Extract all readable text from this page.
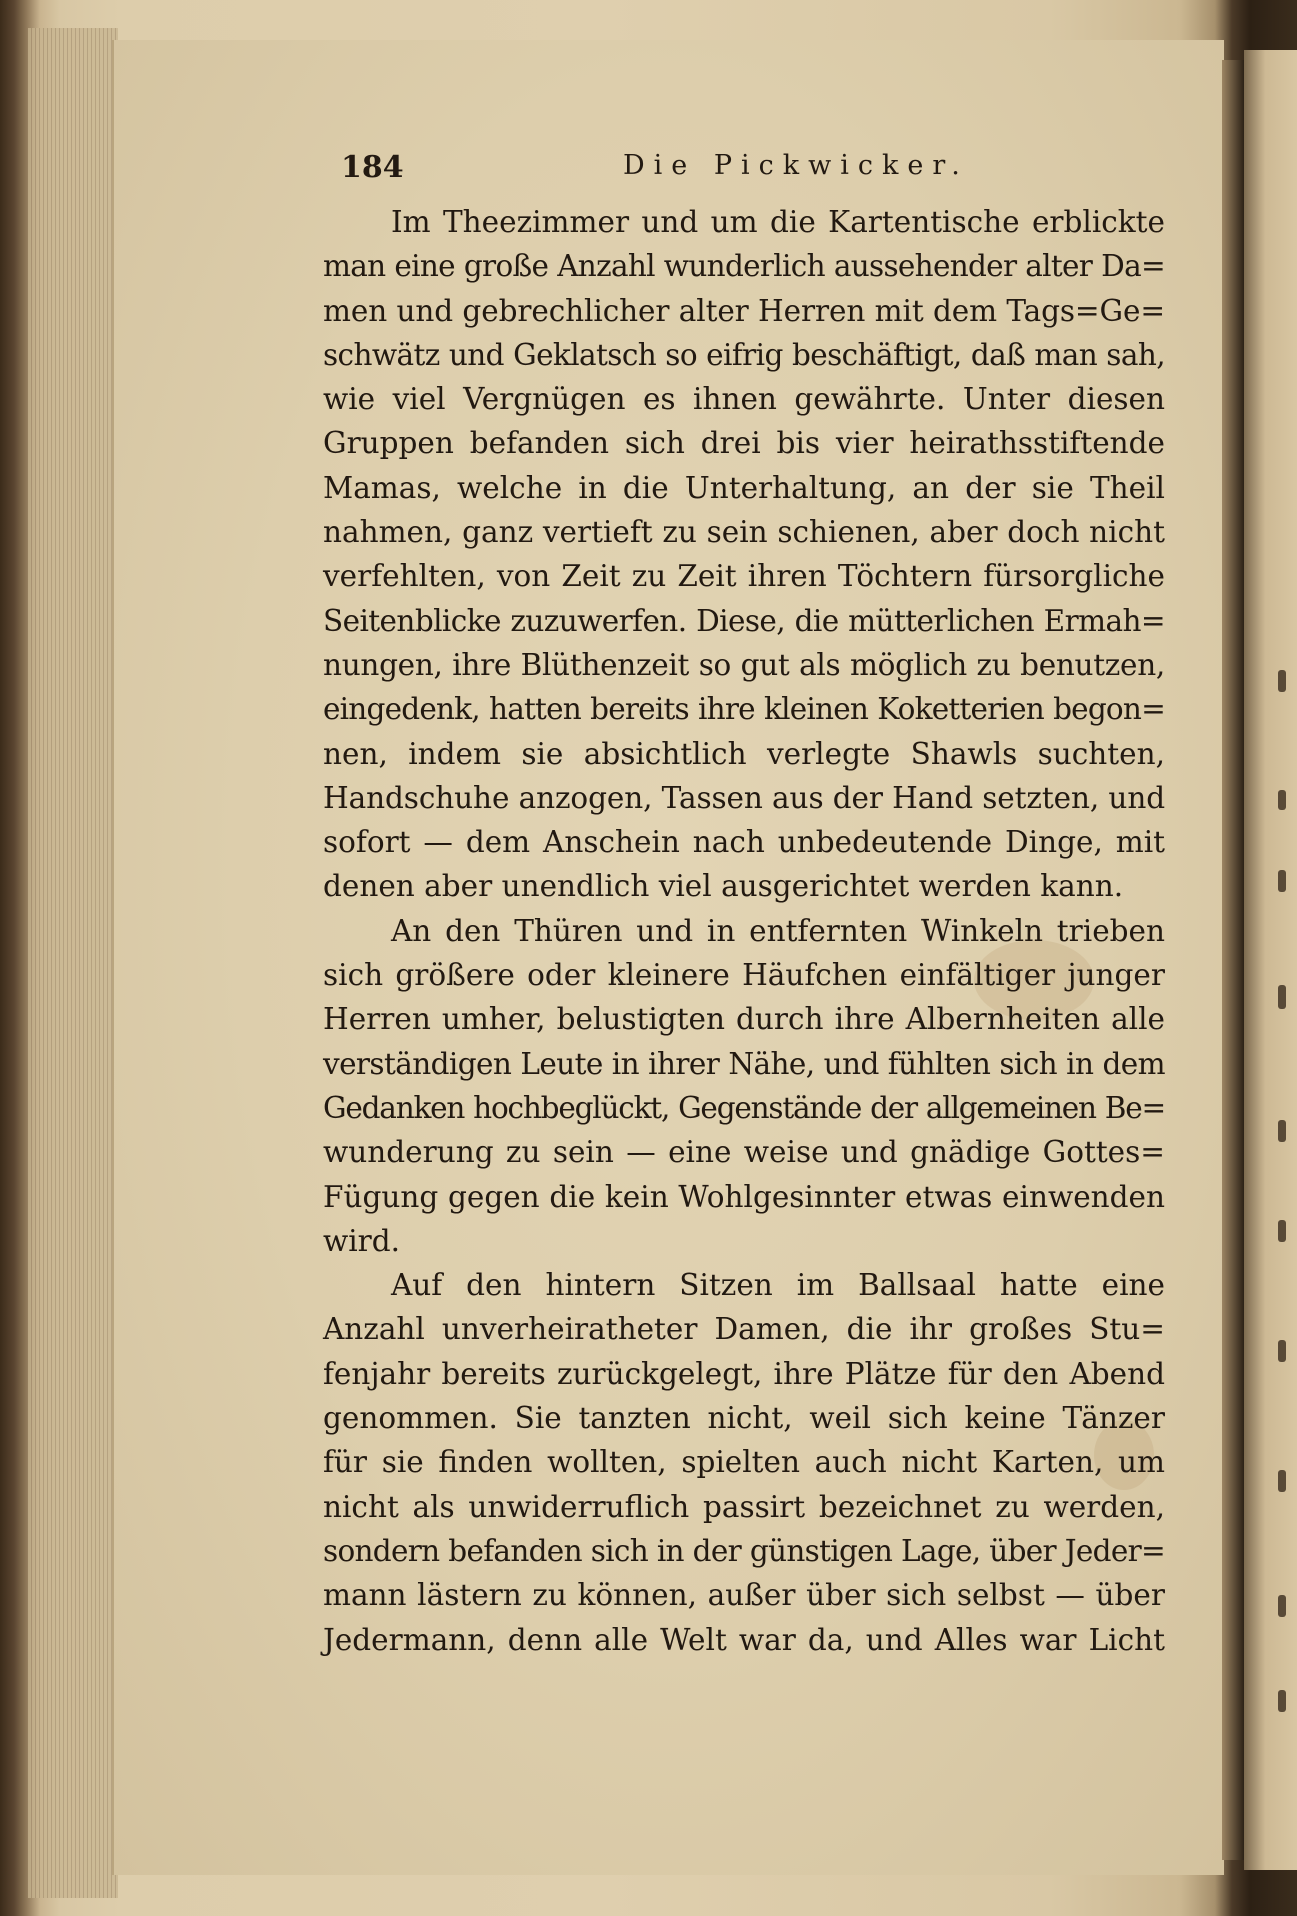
184	Die Pickwicker.
Im Theezimmer und um die Kartentische erblickte
man eine große Anzahl wunderlich aussehender alter Da=
men und gebrechlicher alter Herren mit dem Tags=Ge=
schwätz und Geklatsch so eifrig beschäftigt, daß man sah,
wie viel Vergnügen es ihnen gewährte. Unter diesen
Gruppen befanden sich drei bis vier heirathsstiftende
Mamas, welche in die Unterhaltung, an der sie Theil
nahmen, ganz vertieft zu sein schienen, aber doch nicht
verfehlten, von Zeit zu Zeit ihren Töchtern fürsorgliche
Seitenblicke zuzuwerfen. Diese, die mütterlichen Ermah=
nungen, ihre Blüthenzeit so gut als möglich zu benutzen,
eingedenk, hatten bereits ihre kleinen Koketterien begon=
nen, indem sie absichtlich verlegte Shawls suchten,
Handschuhe anzogen, Tassen aus der Hand setzten, und
sofort — dem Anschein nach unbedeutende Dinge, mit
denen aber unendlich viel ausgerichtet werden kann.
An den Thüren und in entfernten Winkeln trieben
sich größere oder kleinere Häufchen einfältiger junger
Herren umher, belustigten durch ihre Albernheiten alle
verständigen Leute in ihrer Nähe, und fühlten sich in dem
Gedanken hochbeglückt, Gegenstände der allgemeinen Be=
wunderung zu sein — eine weise und gnädige Gottes=
Fügung gegen die kein Wohlgesinnter etwas einwenden
wird.
Auf den hintern Sitzen im Ballsaal hatte eine
Anzahl unverheiratheter Damen, die ihr großes Stu=
fenjahr bereits zurückgelegt, ihre Plätze für den Abend
genommen. Sie tanzten nicht, weil sich keine Tänzer
für sie finden wollten, spielten auch nicht Karten, um
nicht als unwiderruflich passirt bezeichnet zu werden,
sondern befanden sich in der günstigen Lage, über Jeder=
mann lästern zu können, außer über sich selbst — über
Jedermann, denn alle Welt war da, und Alles war Licht
